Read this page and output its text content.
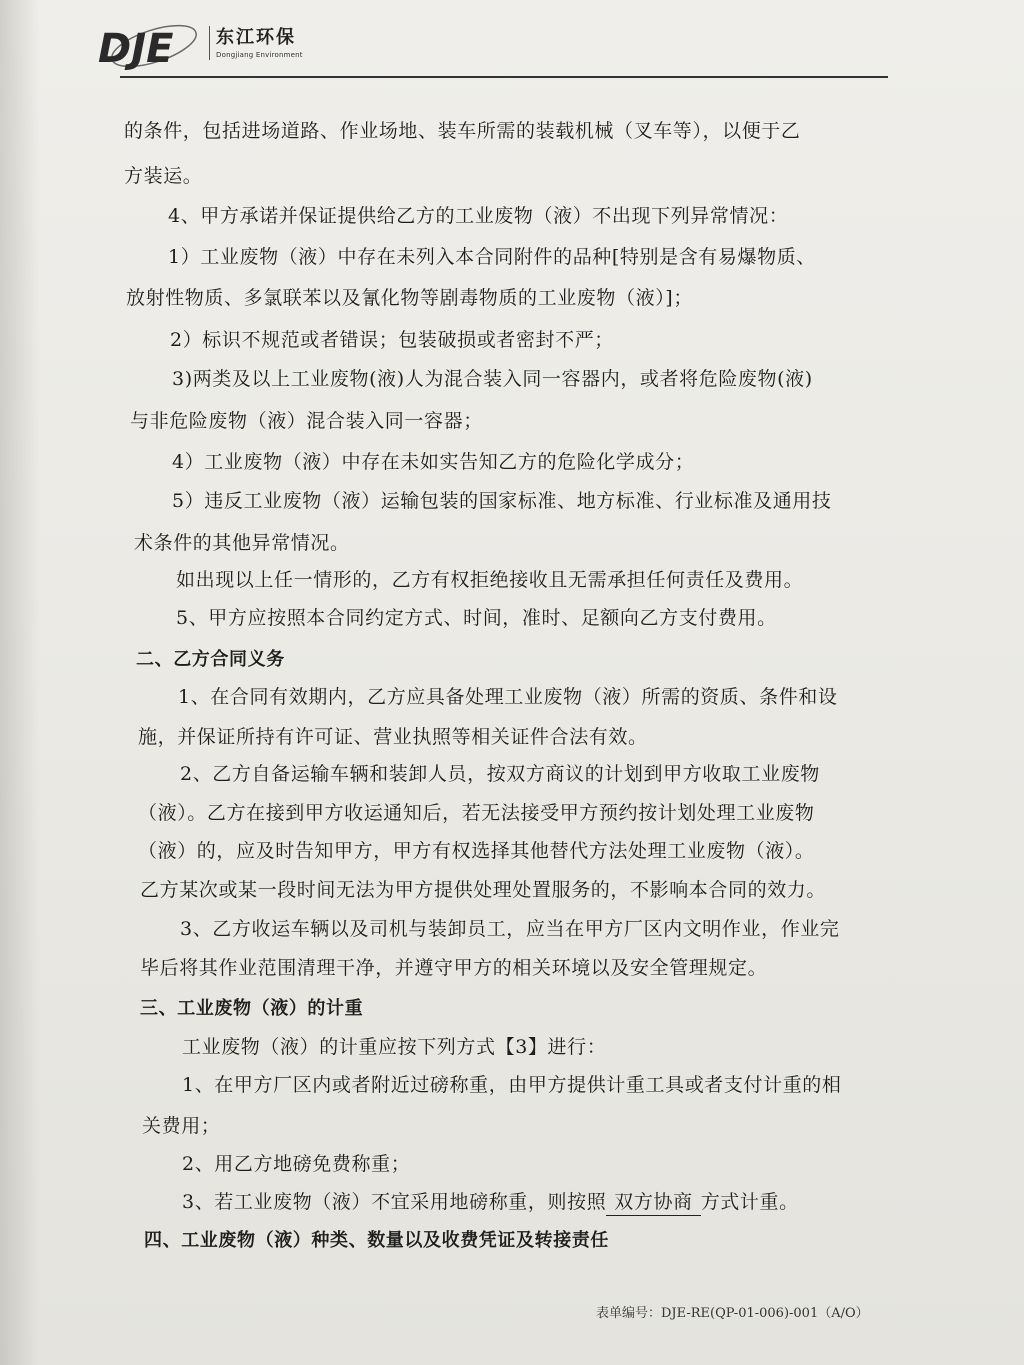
DJE 东江环保
Dongjiang Environment
的条件，包括进场道路、作业场地、装车所需的装载机械（叉车等），以便于乙
方装运。
4、甲方承诺并保证提供给乙方的工业废物（液）不出现下列异常情况：
1）工业废物（液）中存在未列入本合同附件的品种[特别是含有易爆物质、
放射性物质、多氯联苯以及氰化物等剧毒物质的工业废物（液）]；
2）标识不规范或者错误；包装破损或者密封不严；
3)两类及以上工业废物(液)人为混合装入同一容器内，或者将危险废物(液)
与非危险废物（液）混合装入同一容器；
4）工业废物（液）中存在未如实告知乙方的危险化学成分；
5）违反工业废物（液）运输包装的国家标准、地方标准、行业标准及通用技
术条件的其他异常情况。
如出现以上任一情形的，乙方有权拒绝接收且无需承担任何责任及费用。
5、甲方应按照本合同约定方式、时间，准时、足额向乙方支付费用。
二、乙方合同义务
1、在合同有效期内，乙方应具备处理工业废物（液）所需的资质、条件和设
施，并保证所持有许可证、营业执照等相关证件合法有效。
2、乙方自备运输车辆和装卸人员，按双方商议的计划到甲方收取工业废物
（液）。乙方在接到甲方收运通知后，若无法接受甲方预约按计划处理工业废物
（液）的，应及时告知甲方，甲方有权选择其他替代方法处理工业废物（液）。
乙方某次或某一段时间无法为甲方提供处理处置服务的，不影响本合同的效力。
3、乙方收运车辆以及司机与装卸员工，应当在甲方厂区内文明作业，作业完
毕后将其作业范围清理干净，并遵守甲方的相关环境以及安全管理规定。
三、工业废物（液）的计重
工业废物（液）的计重应按下列方式【3】进行：
1、在甲方厂区内或者附近过磅称重，由甲方提供计重工具或者支付计重的相
关费用；
2、用乙方地磅免费称重；
3、若工业废物（液）不宜采用地磅称重，则按照 双方协商 方式计重。
四、工业废物（液）种类、数量以及收费凭证及转接责任
表单编号：DJE-RE(QP-01-006)-001（A/O）
